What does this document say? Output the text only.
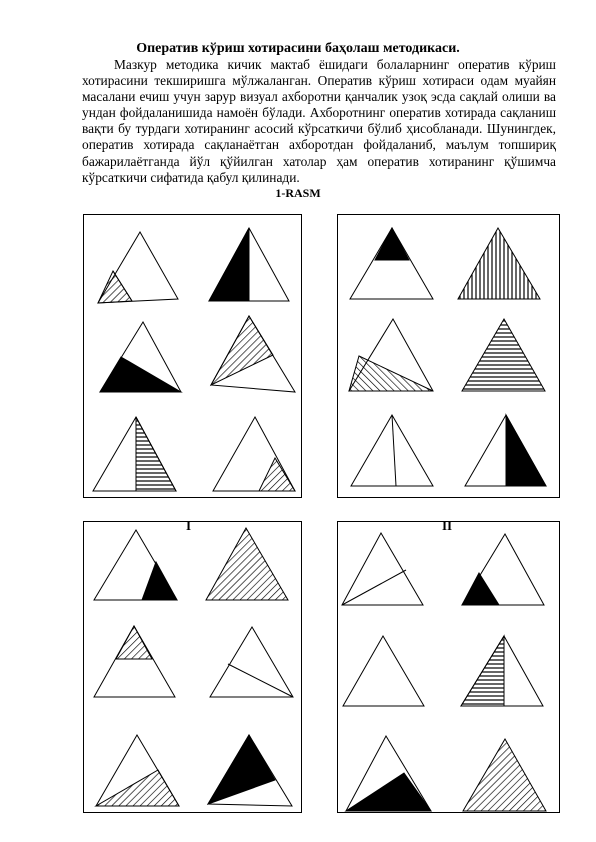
Оператив кўриш хотирасини баҳолаш методикаси.

Мазкур методика кичик мактаб ёшидаги болаларнинг оператив кўриш хотирасини текширишга мўлжаланган. Оператив кўриш хотираси одам муайян масалани ечиш учун зарур визуал ахборотни қанчалик узоқ эсда сақлай олиши ва ундан фойдаланишида намоён бўлади. Ахборотнинг оператив хотирада сақланиш вақти бу турдаги хотиранинг асосий кўрсаткичи бўлиб ҳисобланади. Шунингдек, оператив хотирада сақланаётган ахборотдан фойдаланиб, маълум топшириқ бажарилаётганда йўл қўйилган хатолар ҳам оператив хотиранинг қўшимча кўрсаткичи сифатида қабул қилинади.

1-RASM
I	II
